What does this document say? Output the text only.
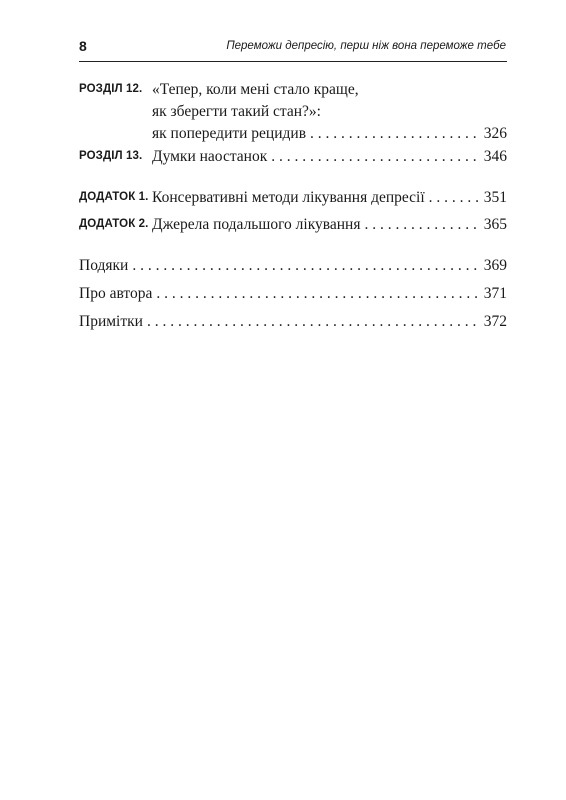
8	Переможи депресію, перш ніж вона переможе тебе
РОЗДІЛ 12. «Тепер, коли мені стало краще,
як зберегти такий стан?»:
як попередити рецидив . . .	326
РОЗДІЛ 13. Думки наостанок . . .	346
ДОДАТОК 1. Консервативні методи лікування депресії . . .	351
ДОДАТОК 2. Джерела подальшого лікування . . .	365
Подяки . . .	369
Про автора . . .	371
Примітки . . .	372
